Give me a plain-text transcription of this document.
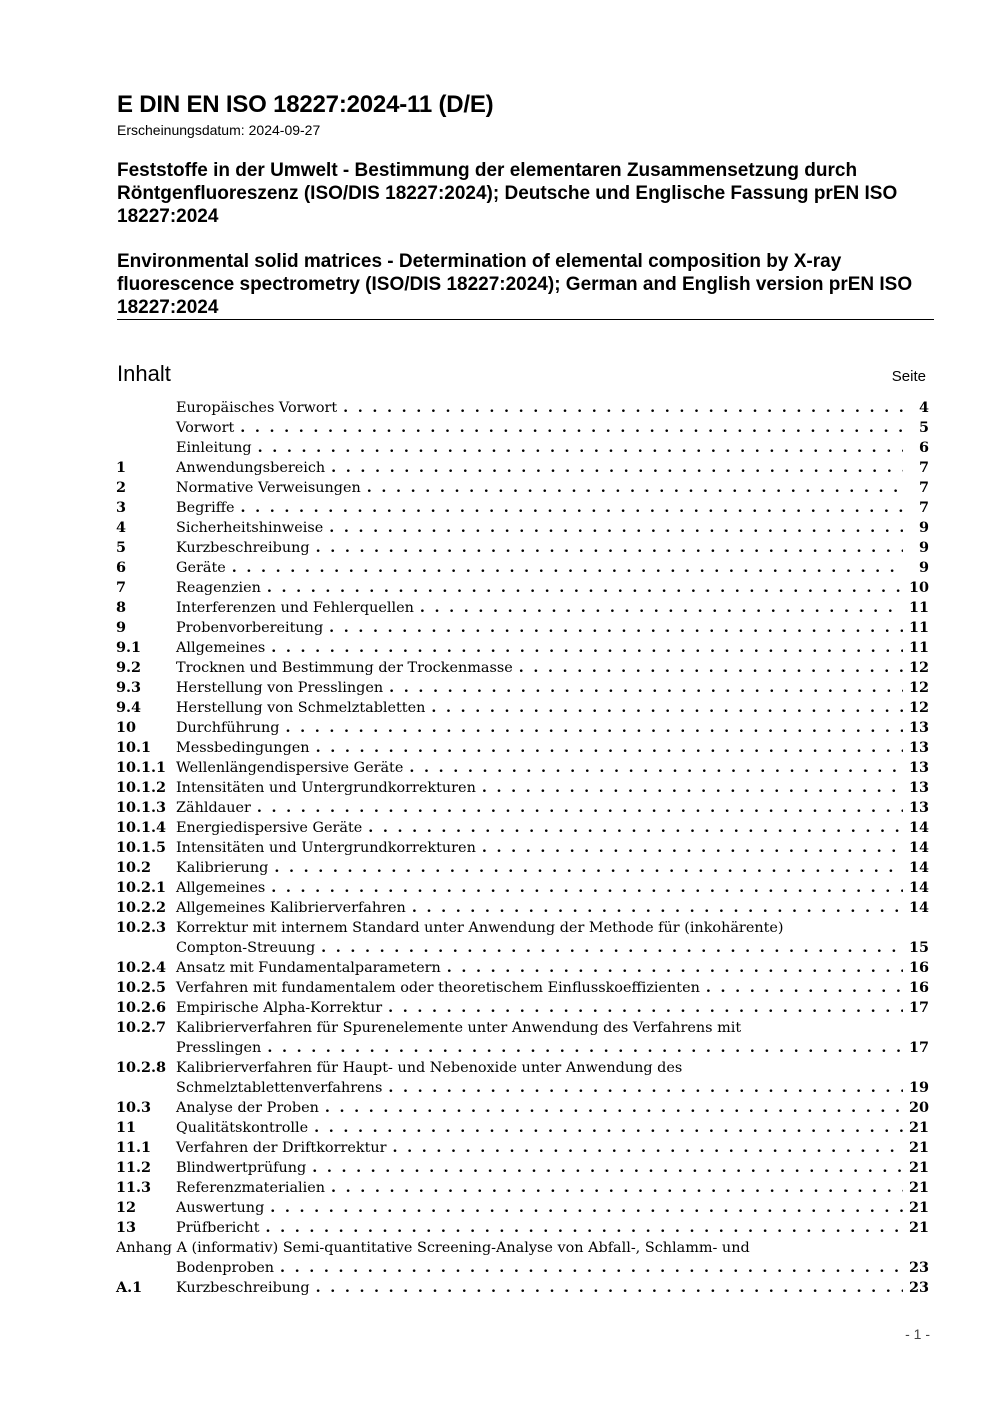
E DIN EN ISO 18227:2024-11 (D/E)
Erscheinungsdatum: 2024-09-27
Feststoffe in der Umwelt - Bestimmung der elementaren Zusammensetzung durch Röntgenfluoreszenz (ISO/DIS 18227:2024); Deutsche und Englische Fassung prEN ISO 18227:2024
Environmental solid matrices - Determination of elemental composition by X-ray fluorescence spectrometry (ISO/DIS 18227:2024); German and English version prEN ISO 18227:2024
Inhalt	Seite
Europäisches Vorwort . . .	4
Vorwort . . .	5
Einleitung . . .	6
1	Anwendungsbereich . . .	7
2	Normative Verweisungen . . .	7
3	Begriffe . . .	7
4	Sicherheitshinweise . . .	9
5	Kurzbeschreibung . . .	9
6	Geräte . . .	9
7	Reagenzien . . .	10
8	Interferenzen und Fehlerquellen . . .	11
9	Probenvorbereitung . . .	11
9.1	Allgemeines . . .	11
9.2	Trocknen und Bestimmung der Trockenmasse . . .	12
9.3	Herstellung von Presslingen . . .	12
9.4	Herstellung von Schmelztabletten . . .	12
10	Durchführung . . .	13
10.1	Messbedingungen . . .	13
10.1.1 Wellenlängendispersive Geräte . . .	13
10.1.2 Intensitäten und Untergrundkorrekturen . . .	13
10.1.3 Zähldauer . . .	13
10.1.4 Energiedispersive Geräte . . .	14
10.1.5 Intensitäten und Untergrundkorrekturen . . .	14
10.2	Kalibrierung . . .	14
10.2.1 Allgemeines . . .	14
10.2.2 Allgemeines Kalibrierverfahren . . .	14
10.2.3 Korrektur mit internem Standard unter Anwendung der Methode für (inkohärente)
Compton-Streuung . . .	15
10.2.4 Ansatz mit Fundamentalparametern . . .	16
10.2.5 Verfahren mit fundamentalem oder theoretischem Einflusskoeffizienten . . .	16
10.2.6 Empirische Alpha-Korrektur . . .	17
10.2.7 Kalibrierverfahren für Spurenelemente unter Anwendung des Verfahrens mit
Presslingen . . .	17
10.2.8 Kalibrierverfahren für Haupt- und Nebenoxide unter Anwendung des
Schmelztablettenverfahrens . . .	19
10.3	Analyse der Proben . . .	20
11	Qualitätskontrolle . . .	21
11.1	Verfahren der Driftkorrektur . . .	21
11.2	Blindwertprüfung . . .	21
11.3	Referenzmaterialien . . .	21
12	Auswertung . . .	21
13	Prüfbericht . . .	21
Anhang A (informativ) Semi-quantitative Screening-Analyse von Abfall-, Schlamm- und
Bodenproben . . .	23
A.1	Kurzbeschreibung . . .	23
- 1 -
